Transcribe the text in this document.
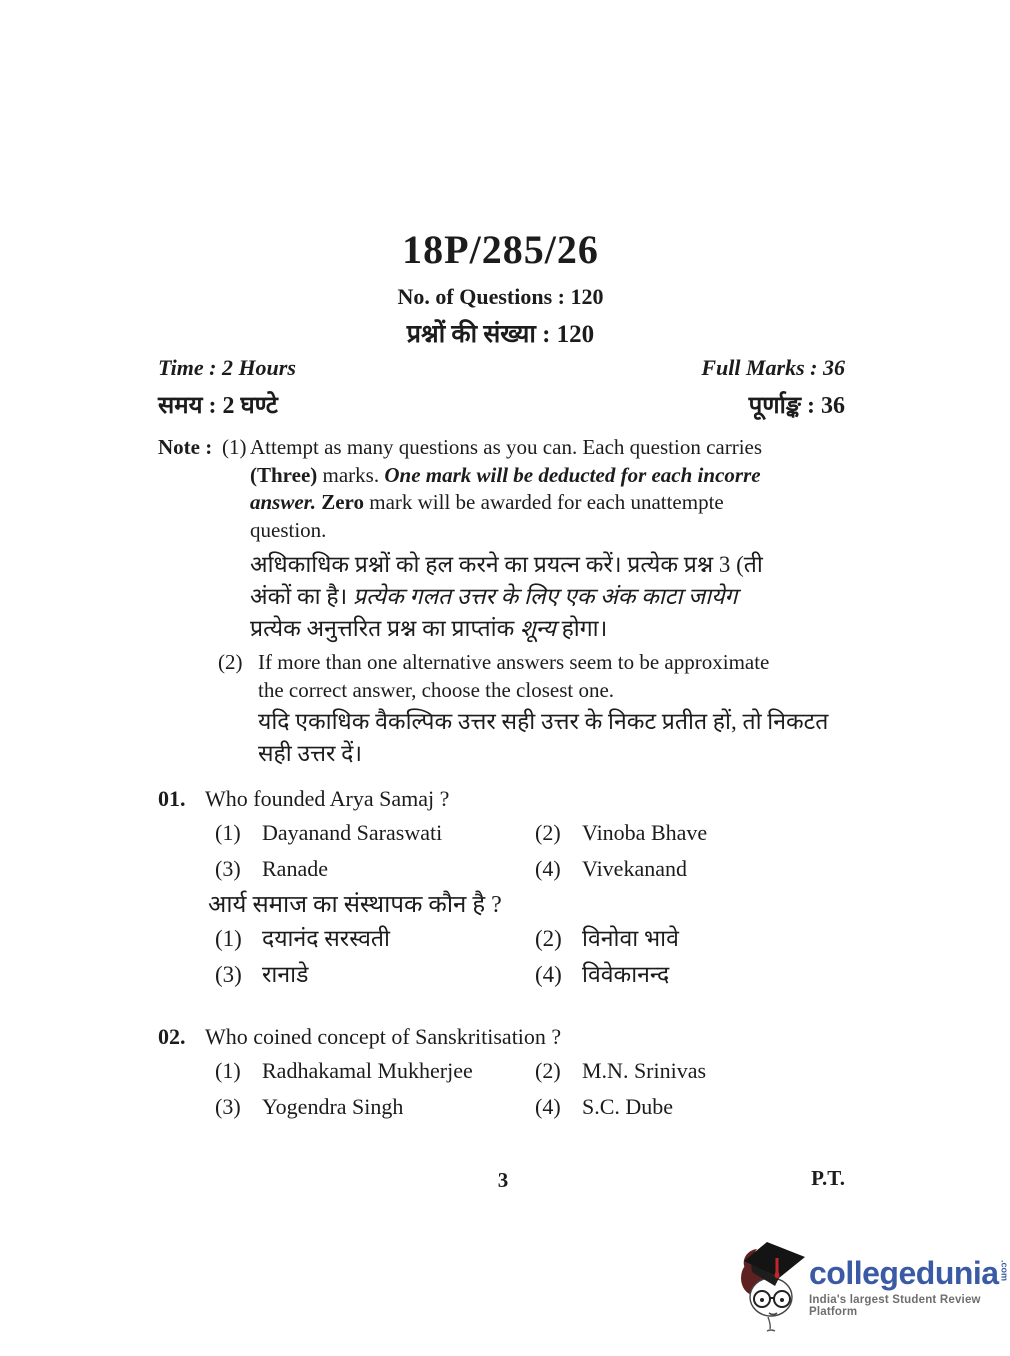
18P/285/26
No. of Questions : 120
प्रश्नों की संख्या : 120
Time : 2 Hours	Full Marks : 36
समय : 2 घण्टे	पूर्णाङ्क : 36
Note : (1) Attempt as many questions as you can. Each question carries
(Three) marks. One mark will be deducted for each incorre
answer. Zero mark will be awarded for each unattempte
question.
अधिकाधिक प्रश्नों को हल करने का प्रयत्न करें। प्रत्येक प्रश्न 3 (ती
अंकों का है। प्रत्येक गलत उत्तर के लिए एक अंक काटा जायेग
प्रत्येक अनुत्तरित प्रश्न का प्राप्तांक शून्य होगा।
(2) If more than one alternative answers seem to be approximate
the correct answer, choose the closest one.
यदि एकाधिक वैकल्पिक उत्तर सही उत्तर के निकट प्रतीत हों, तो निकटत
सही उत्तर दें।
01. Who founded Arya Samaj ?
(1) Dayanand Saraswati	(2) Vinoba Bhave
(3) Ranade	(4) Vivekanand
आर्य समाज का संस्थापक कौन है ?
(1) दयानंद सरस्वती	(2) विनोवा भावे
(3) रानाडे	(4) विवेकानन्द
02. Who coined concept of Sanskritisation ?
(1) Radhakamal Mukherjee	(2) M.N. Srinivas
(3) Yogendra Singh	(4) S.C. Dube
3	P.T.
collegedunia .com
India's largest Student Review Platform
